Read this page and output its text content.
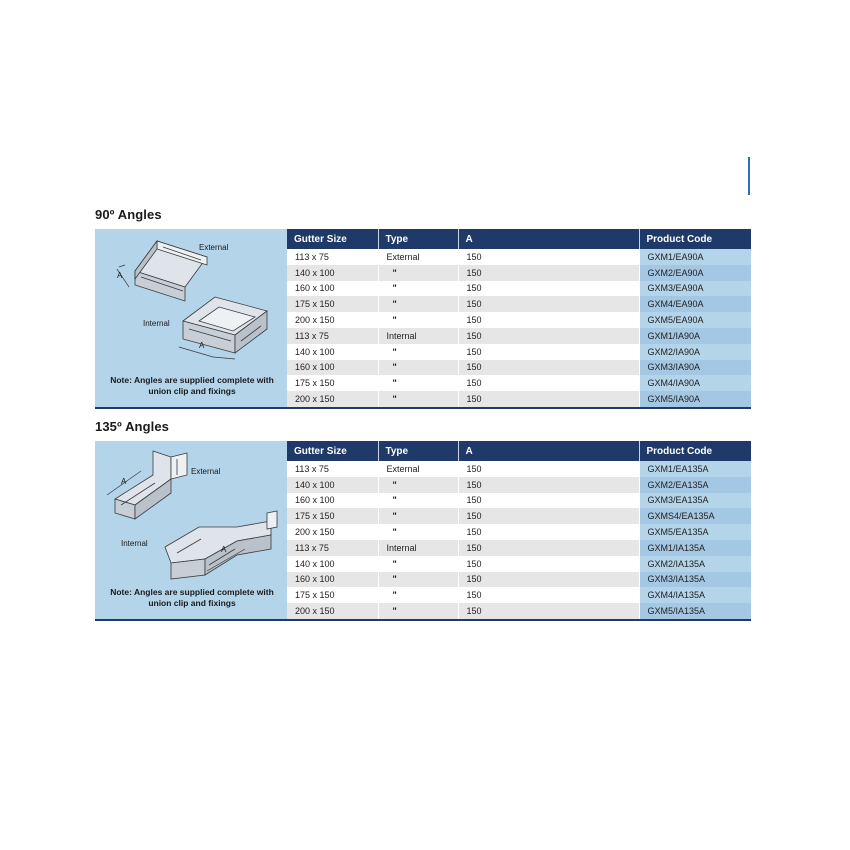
90º Angles
External
A
A
Internal
Note: Angles are supplied complete with union clip and fixings
Gutter Size	Type	A	Product Code
113 x 75	External	150	GXM1/EA90A
140 x 100	"	150	GXM2/EA90A
160 x 100	"	150	GXM3/EA90A
175 x 150	"	150	GXM4/EA90A
200 x 150	"	150	GXM5/EA90A
113 x 75	Internal	150	GXM1/IA90A
140 x 100	"	150	GXM2/IA90A
160 x 100	"	150	GXM3/IA90A
175 x 150	"	150	GXM4/IA90A
200 x 150	"	150	GXM5/IA90A
135º Angles
External
A
A
Internal
Note: Angles are supplied complete with union clip and fixings
Gutter Size	Type	A	Product Code
113 x 75	External	150	GXM1/EA135A
140 x 100	"	150	GXM2/EA135A
160 x 100	"	150	GXM3/EA135A
175 x 150	"	150	GXMS4/EA135A
200 x 150	"	150	GXM5/EA135A
113 x 75	Internal	150	GXM1/IA135A
140 x 100	"	150	GXM2/IA135A
160 x 100	"	150	GXM3/IA135A
175 x 150	"	150	GXM4/IA135A
200 x 150	"	150	GXM5/IA135A
